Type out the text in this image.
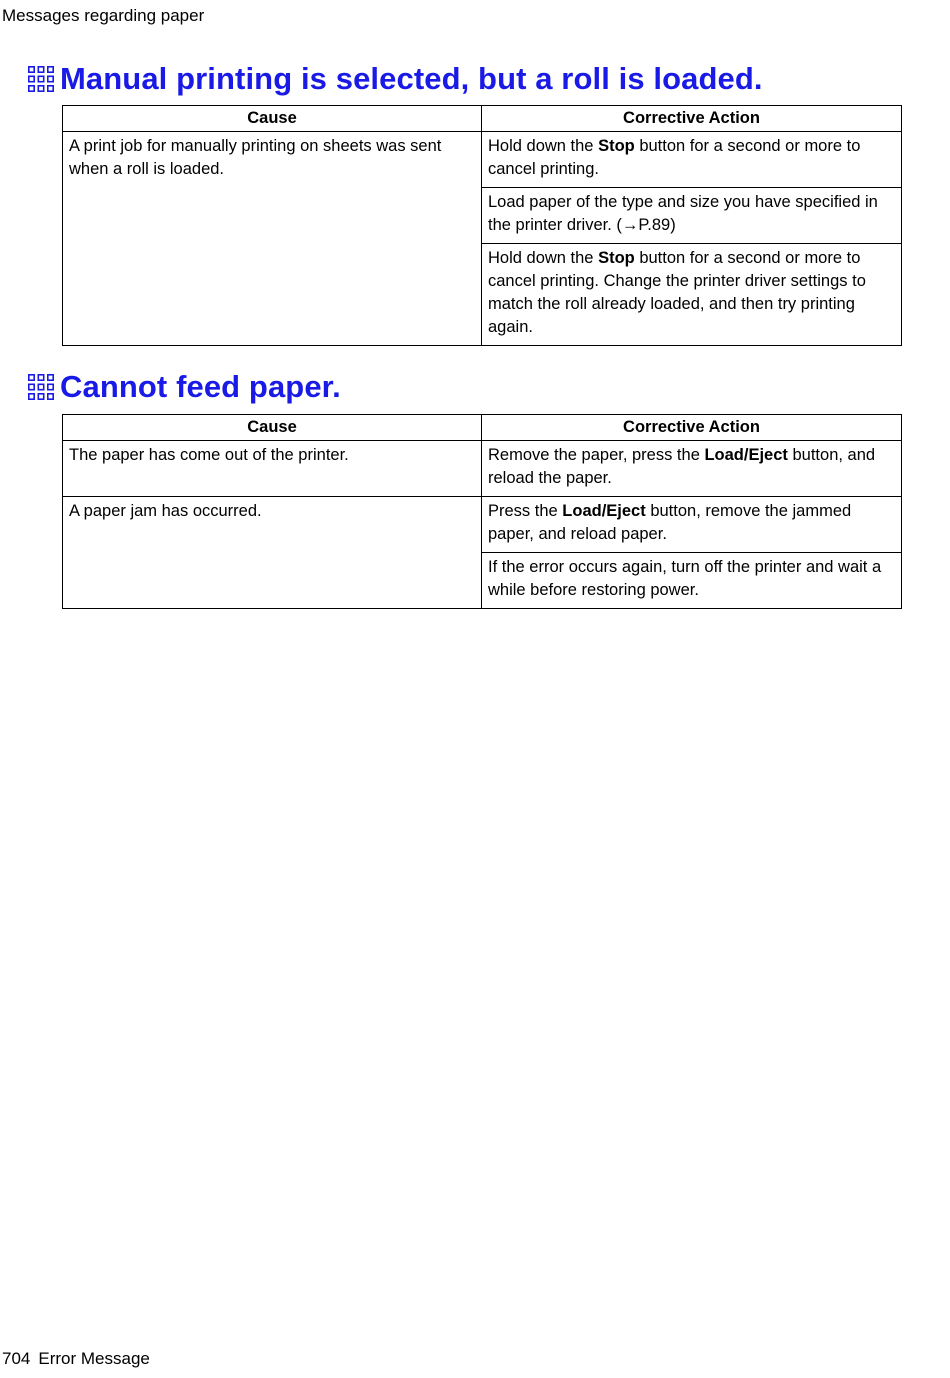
Messages regarding paper
Manual printing is selected, but a roll is loaded.
Cause	Corrective Action
A print job for manually printing on sheets was sent when a roll is loaded.	Hold down the Stop button for a second or more to cancel printing.
	Load paper of the type and size you have specified in the printer driver. (→P.89)
	Hold down the Stop button for a second or more to cancel printing. Change the printer driver settings to match the roll already loaded, and then try printing again.
Cannot feed paper.
Cause	Corrective Action
The paper has come out of the printer.	Remove the paper, press the Load/Eject button, and reload the paper.
A paper jam has occurred.	Press the Load/Eject button, remove the jammed paper, and reload paper.
	If the error occurs again, turn off the printer and wait a while before restoring power.
704 Error Message
